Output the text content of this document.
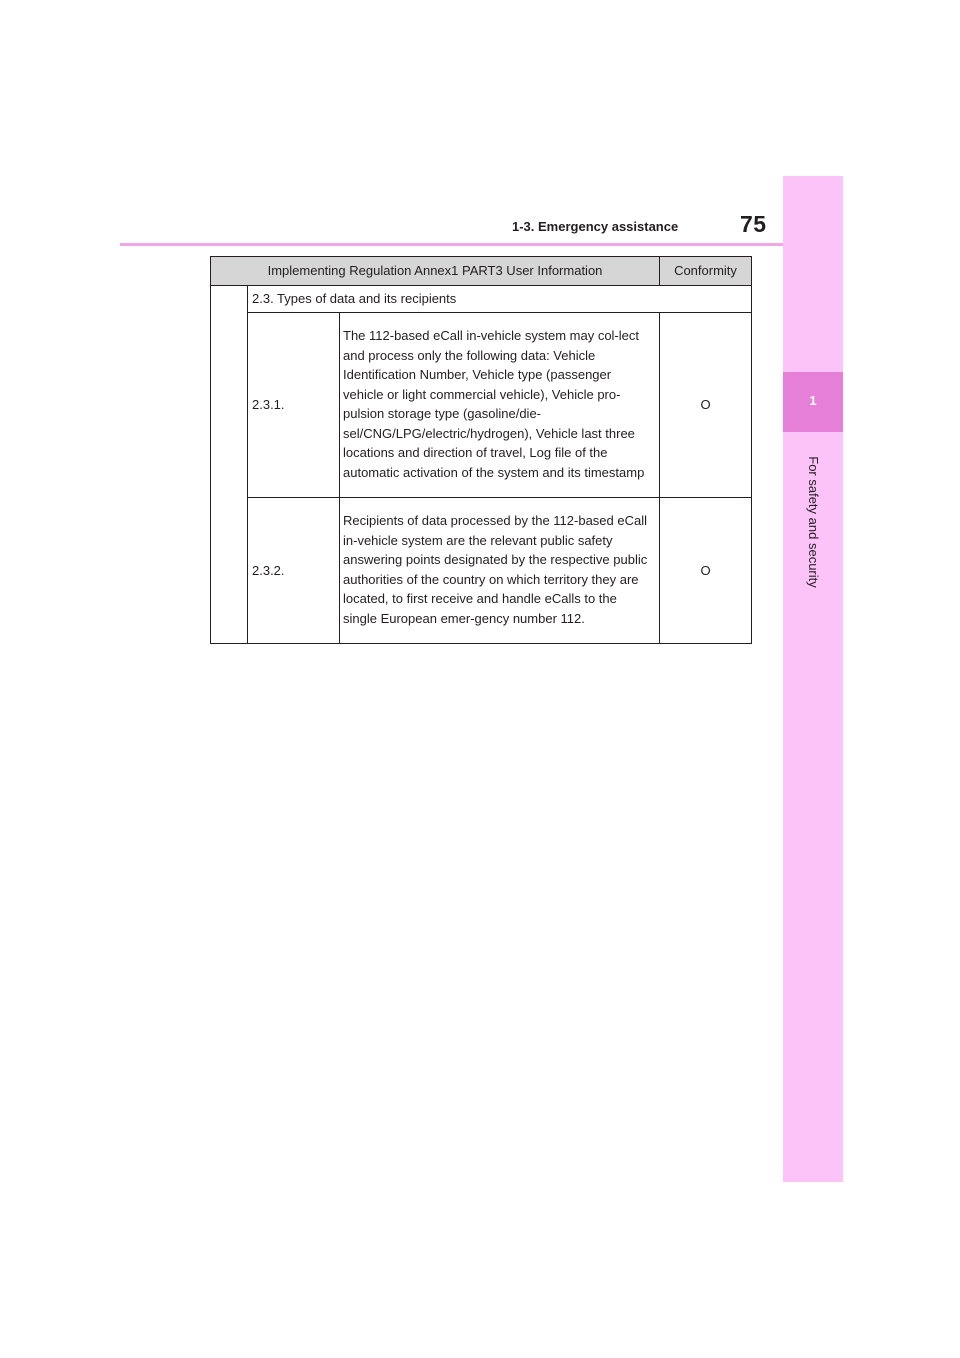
1-3. Emergency assistance	75
1
For safety and security
Implementing Regulation Annex1 PART3 User Information			Conformity
	2.3. Types of data and its recipients		
	2.3.1.	The 112-based eCall in-vehicle system may col-lect and process only the following data: Vehicle Identification Number, Vehicle type (passenger vehicle or light commercial vehicle), Vehicle pro-pulsion storage type (gasoline/die-sel/CNG/LPG/electric/hydrogen), Vehicle last three locations and direction of travel, Log file of the automatic activation of the system and its timestamp	O
	2.3.2.	Recipients of data processed by the 112-based eCall in-vehicle system are the relevant public safety answering points designated by the respective public authorities of the country on which territory they are located, to first receive and handle eCalls to the single European emer-gency number 112.	O
